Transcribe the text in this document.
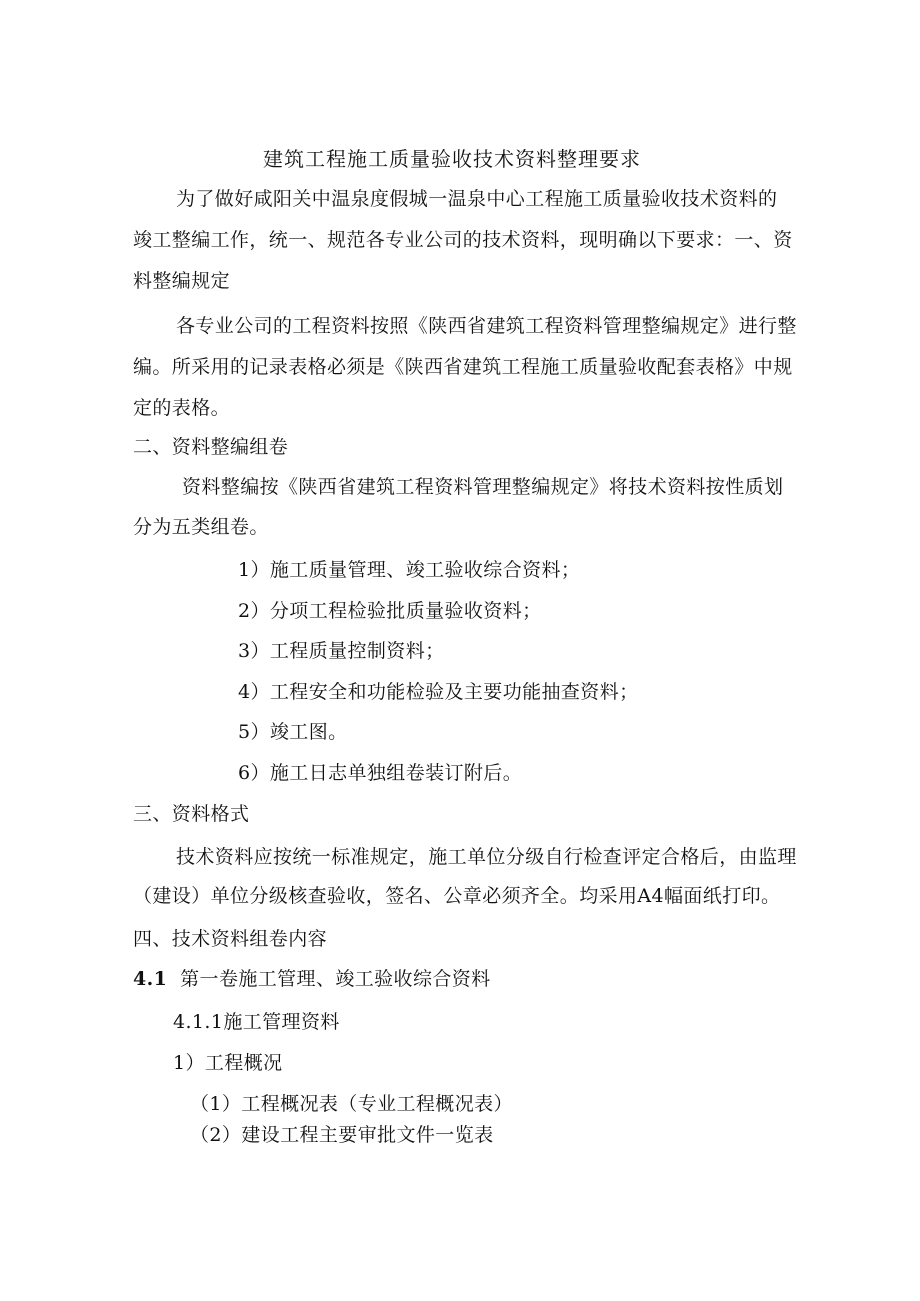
建筑工程施工质量验收技术资料整理要求
为了做好咸阳关中温泉度假城一温泉中心工程施工质量验收技术资料的
竣工整编工作，统一、规范各专业公司的技术资料，现明确以下要求：一、资
料整编规定
各专业公司的工程资料按照《陕西省建筑工程资料管理整编规定》进行整
编。所采用的记录表格必须是《陕西省建筑工程施工质量验收配套表格》中规
定的表格。
二、资料整编组卷
资料整编按《陕西省建筑工程资料管理整编规定》将技术资料按性质划
分为五类组卷。
1）施工质量管理、竣工验收综合资料；
2）分项工程检验批质量验收资料；
3）工程质量控制资料；
4）工程安全和功能检验及主要功能抽查资料；
5）竣工图。
6）施工日志单独组卷装订附后。
三、资料格式
技术资料应按统一标准规定，施工单位分级自行检查评定合格后，由监理
（建设）单位分级核查验收，签名、公章必须齐全。均采用A4幅面纸打印。
四、技术资料组卷内容
4.1 第一卷施工管理、竣工验收综合资料
4.1.1施工管理资料
1）工程概况
（1）工程概况表（专业工程概况表）
（2）建设工程主要审批文件一览表
